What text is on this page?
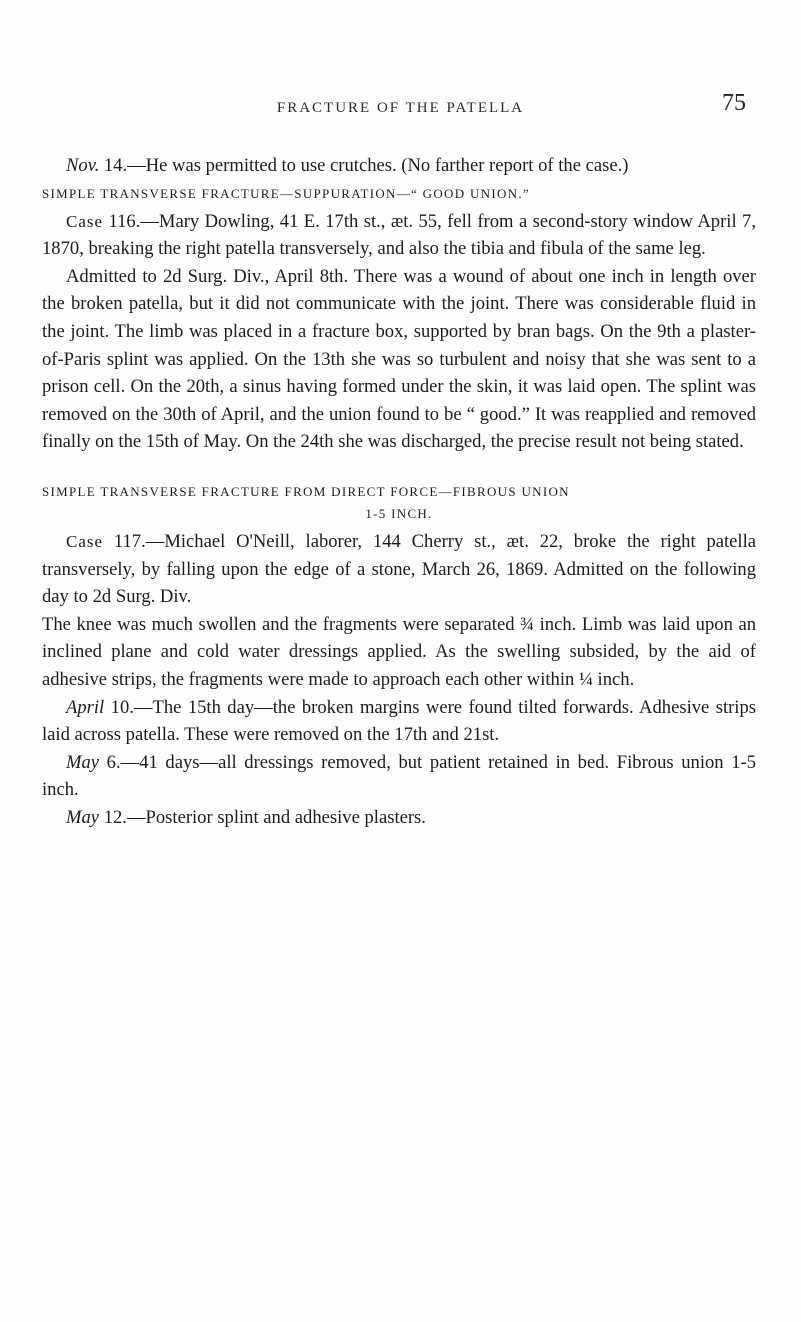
FRACTURE OF THE PATELLA	75

Nov. 14.—He was permitted to use crutches. (No farther report of the case.)

SIMPLE TRANSVERSE FRACTURE—SUPPURATION—“ GOOD UNION.”

Case 116.—Mary Dowling, 41 E. 17th st., æt. 55, fell from a second-story window April 7, 1870, breaking the right patella transversely, and also the tibia and fibula of the same leg.

Admitted to 2d Surg. Div., April 8th. There was a wound of about one inch in length over the broken patella, but it did not communicate with the joint. There was considerable fluid in the joint. The limb was placed in a fracture box, supported by bran bags. On the 9th a plaster-of-Paris splint was applied. On the 13th she was so turbulent and noisy that she was sent to a prison cell. On the 20th, a sinus having formed under the skin, it was laid open. The splint was removed on the 30th of April, and the union found to be “ good.” It was reapplied and removed finally on the 15th of May. On the 24th she was discharged, the precise result not being stated.

SIMPLE TRANSVERSE FRACTURE FROM DIRECT FORCE—FIBROUS UNION

1-5 INCH.

Case 117.—Michael O'Neill, laborer, 144 Cherry st., æt. 22, broke the right patella transversely, by falling upon the edge of a stone, March 26, 1869. Admitted on the following day to 2d Surg. Div.

The knee was much swollen and the fragments were separated ¾ inch. Limb was laid upon an inclined plane and cold water dressings applied. As the swelling subsided, by the aid of adhesive strips, the fragments were made to approach each other within ¼ inch.

April 10.—The 15th day—the broken margins were found tilted forwards. Adhesive strips laid across patella. These were removed on the 17th and 21st.

May 6.—41 days—all dressings removed, but patient retained in bed. Fibrous union 1-5 inch.

May 12.—Posterior splint and adhesive plasters.
